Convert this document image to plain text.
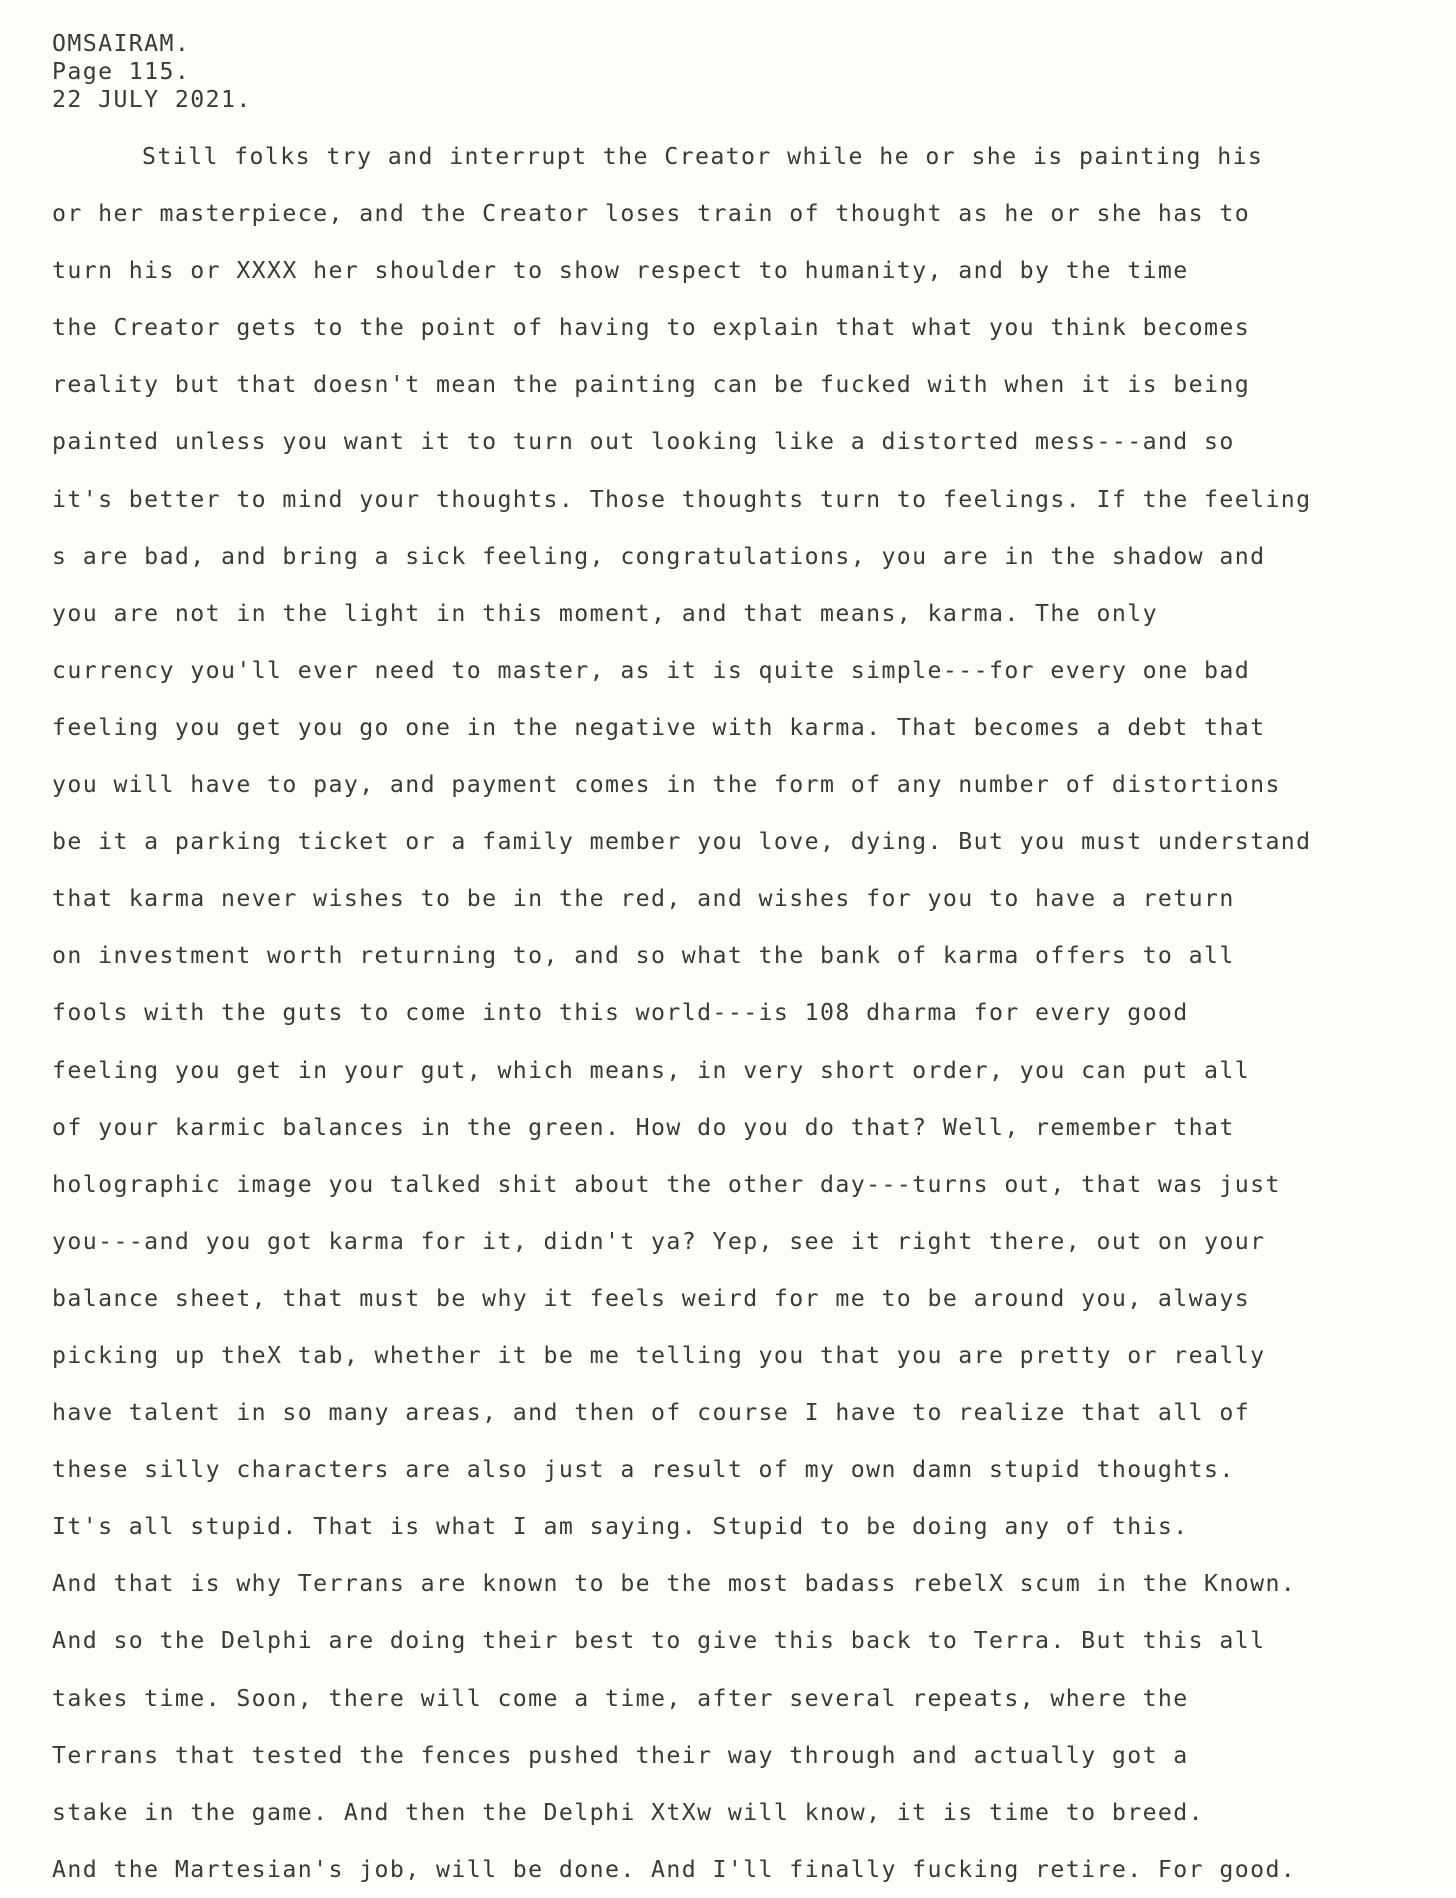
OMSAIRAM.
Page 115.
22 JULY 2021.
Still folks try and interrupt the Creator while he or she is painting his
or her masterpiece, and the Creator loses train of thought as he or she has to
turn his or XXXX her shoulder to show respect to humanity, and by the time
the Creator gets to the point of having to explain that what you think becomes
reality but that doesn't mean the painting can be fucked with when it is being
painted unless you want it to turn out looking like a distorted mess---and so
it's better to mind your thoughts. Those thoughts turn to feelings. If the feeling
s are bad, and bring a sick feeling, congratulations, you are in the shadow and
you are not in the light in this moment, and that means, karma. The only
currency you'll ever need to master, as it is quite simple---for every one bad
feeling you get you go one in the negative with karma. That becomes a debt that
you will have to pay, and payment comes in the form of any number of distortions
be it a parking ticket or a family member you love, dying. But you must understand
that karma never wishes to be in the red, and wishes for you to have a return
on investment worth returning to, and so what the bank of karma offers to all
fools with the guts to come into this world---is 108 dharma for every good
feeling you get in your gut, which means, in very short order, you can put all
of your karmic balances in the green. How do you do that? Well, remember that
holographic image you talked shit about the other day---turns out, that was just
you---and you got karma for it, didn't ya? Yep, see it right there, out on your
balance sheet, that must be why it feels weird for me to be around you, always
picking up theX tab, whether it be me telling you that you are pretty or really
have talent in so many areas, and then of course I have to realize that all of
these silly characters are also just a result of my own damn stupid thoughts.
It's all stupid. That is what I am saying. Stupid to be doing any of this.
And that is why Terrans are known to be the most badass rebelX scum in the Known.
And so the Delphi are doing their best to give this back to Terra. But this all
takes time. Soon, there will come a time, after several repeats, where the
Terrans that tested the fences pushed their way through and actually got a
stake in the game. And then the Delphi XtXw will know, it is time to breed.
And the Martesian's job, will be done. And I'll finally fucking retire. For good.
